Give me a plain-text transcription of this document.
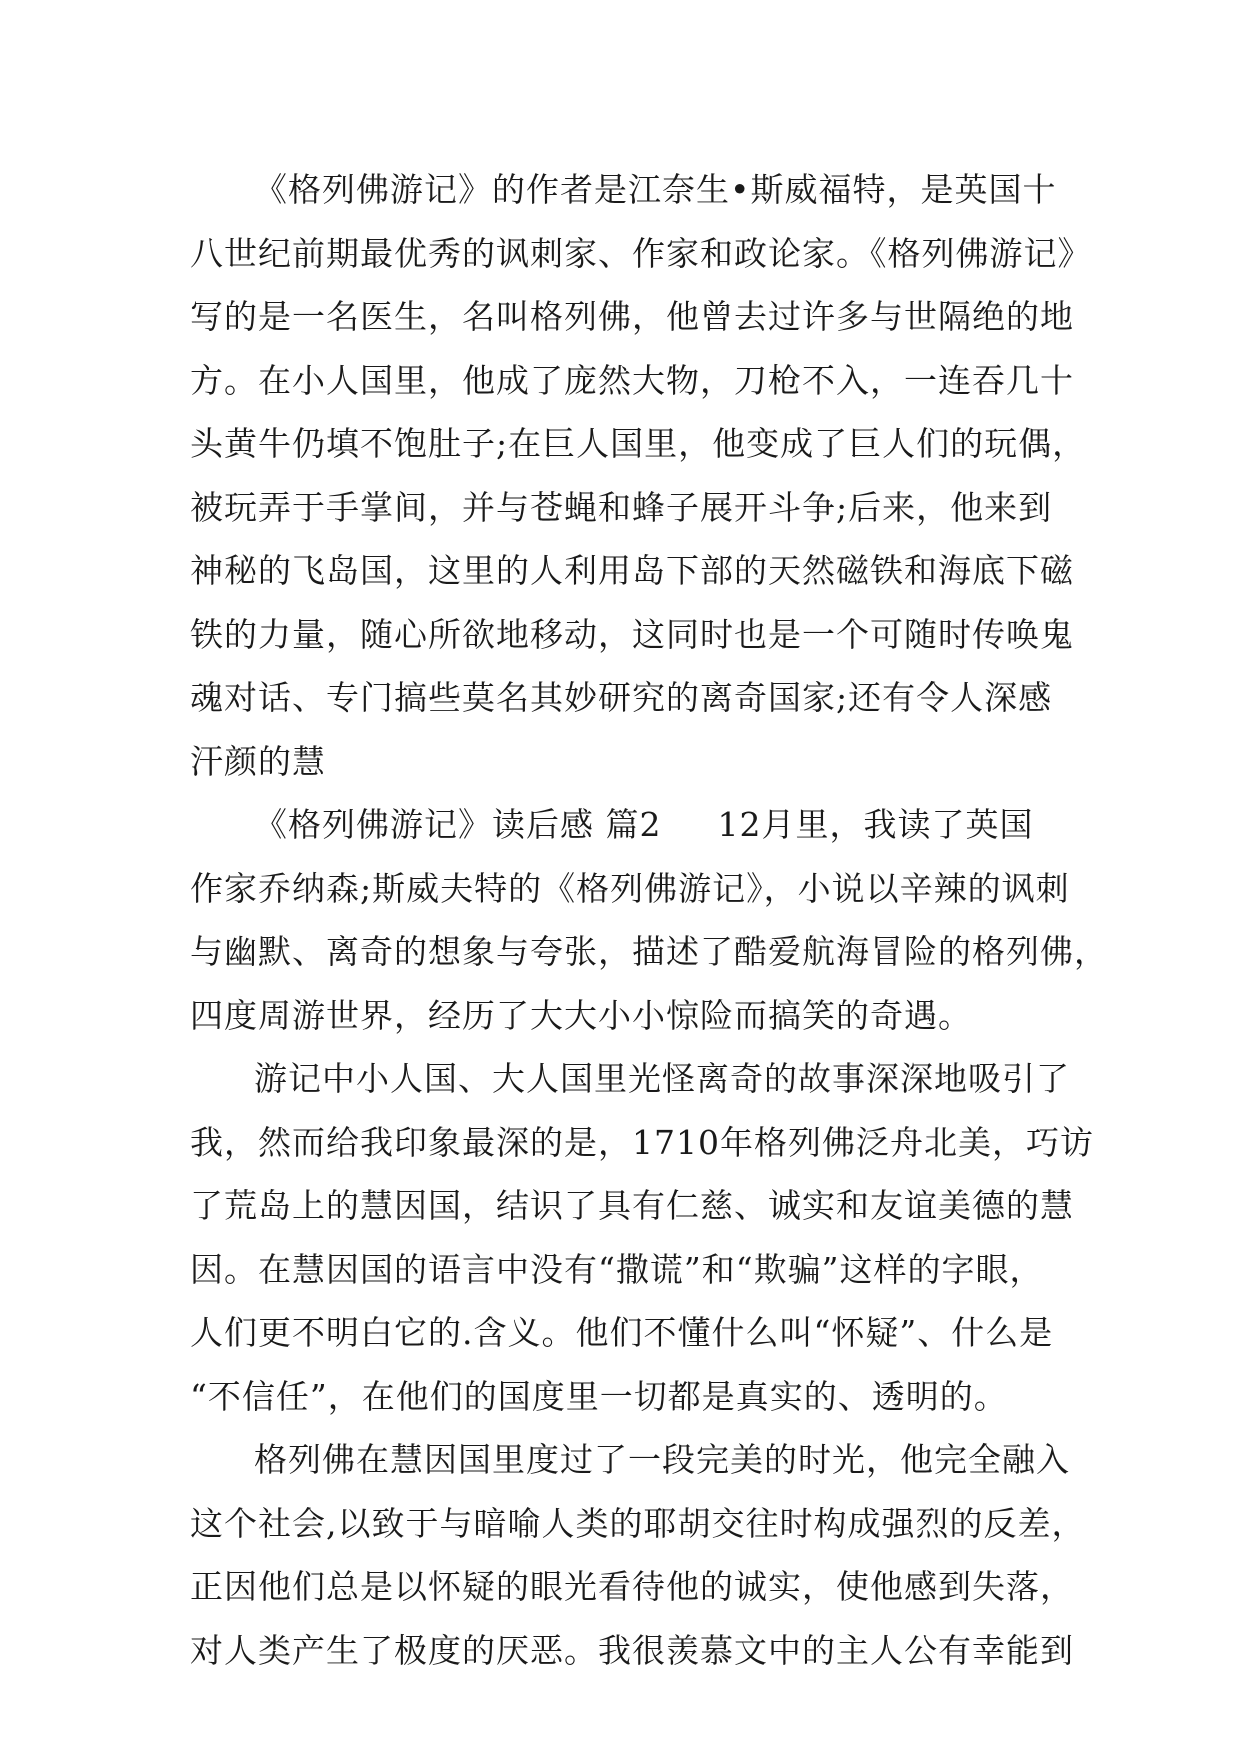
《格列佛游记》的作者是江奈生•斯威福特，是英国十
八世纪前期最优秀的讽刺家、作家和政论家。《格列佛游记》
写的是一名医生，名叫格列佛，他曾去过许多与世隔绝的地
方。在小人国里，他成了庞然大物，刀枪不入，一连吞几十
头黄牛仍填不饱肚子;在巨人国里，他变成了巨人们的玩偶，
被玩弄于手掌间，并与苍蝇和蜂子展开斗争;后来，他来到
神秘的飞岛国，这里的人利用岛下部的天然磁铁和海底下磁
铁的力量，随心所欲地移动，这同时也是一个可随时传唤鬼
魂对话、专门搞些莫名其妙研究的离奇国家;还有令人深感
汗颜的慧
《格列佛游记》读后感 篇2 12月里，我读了英国
作家乔纳森;斯威夫特的《格列佛游记》，小说以辛辣的讽刺
与幽默、离奇的想象与夸张，描述了酷爱航海冒险的格列佛，
四度周游世界，经历了大大小小惊险而搞笑的奇遇。
游记中小人国、大人国里光怪离奇的故事深深地吸引了
我，然而给我印象最深的是，1710年格列佛泛舟北美，巧访
了荒岛上的慧因国，结识了具有仁慈、诚实和友谊美德的慧
因。在慧因国的语言中没有“撒谎”和“欺骗”这样的字眼，
人们更不明白它的.含义。他们不懂什么叫“怀疑”、什么是
“不信任”，在他们的国度里一切都是真实的、透明的。
格列佛在慧因国里度过了一段完美的时光，他完全融入
这个社会,以致于与暗喻人类的耶胡交往时构成强烈的反差，
正因他们总是以怀疑的眼光看待他的诚实，使他感到失落，
对人类产生了极度的厌恶。我很羡慕文中的主人公有幸能到
